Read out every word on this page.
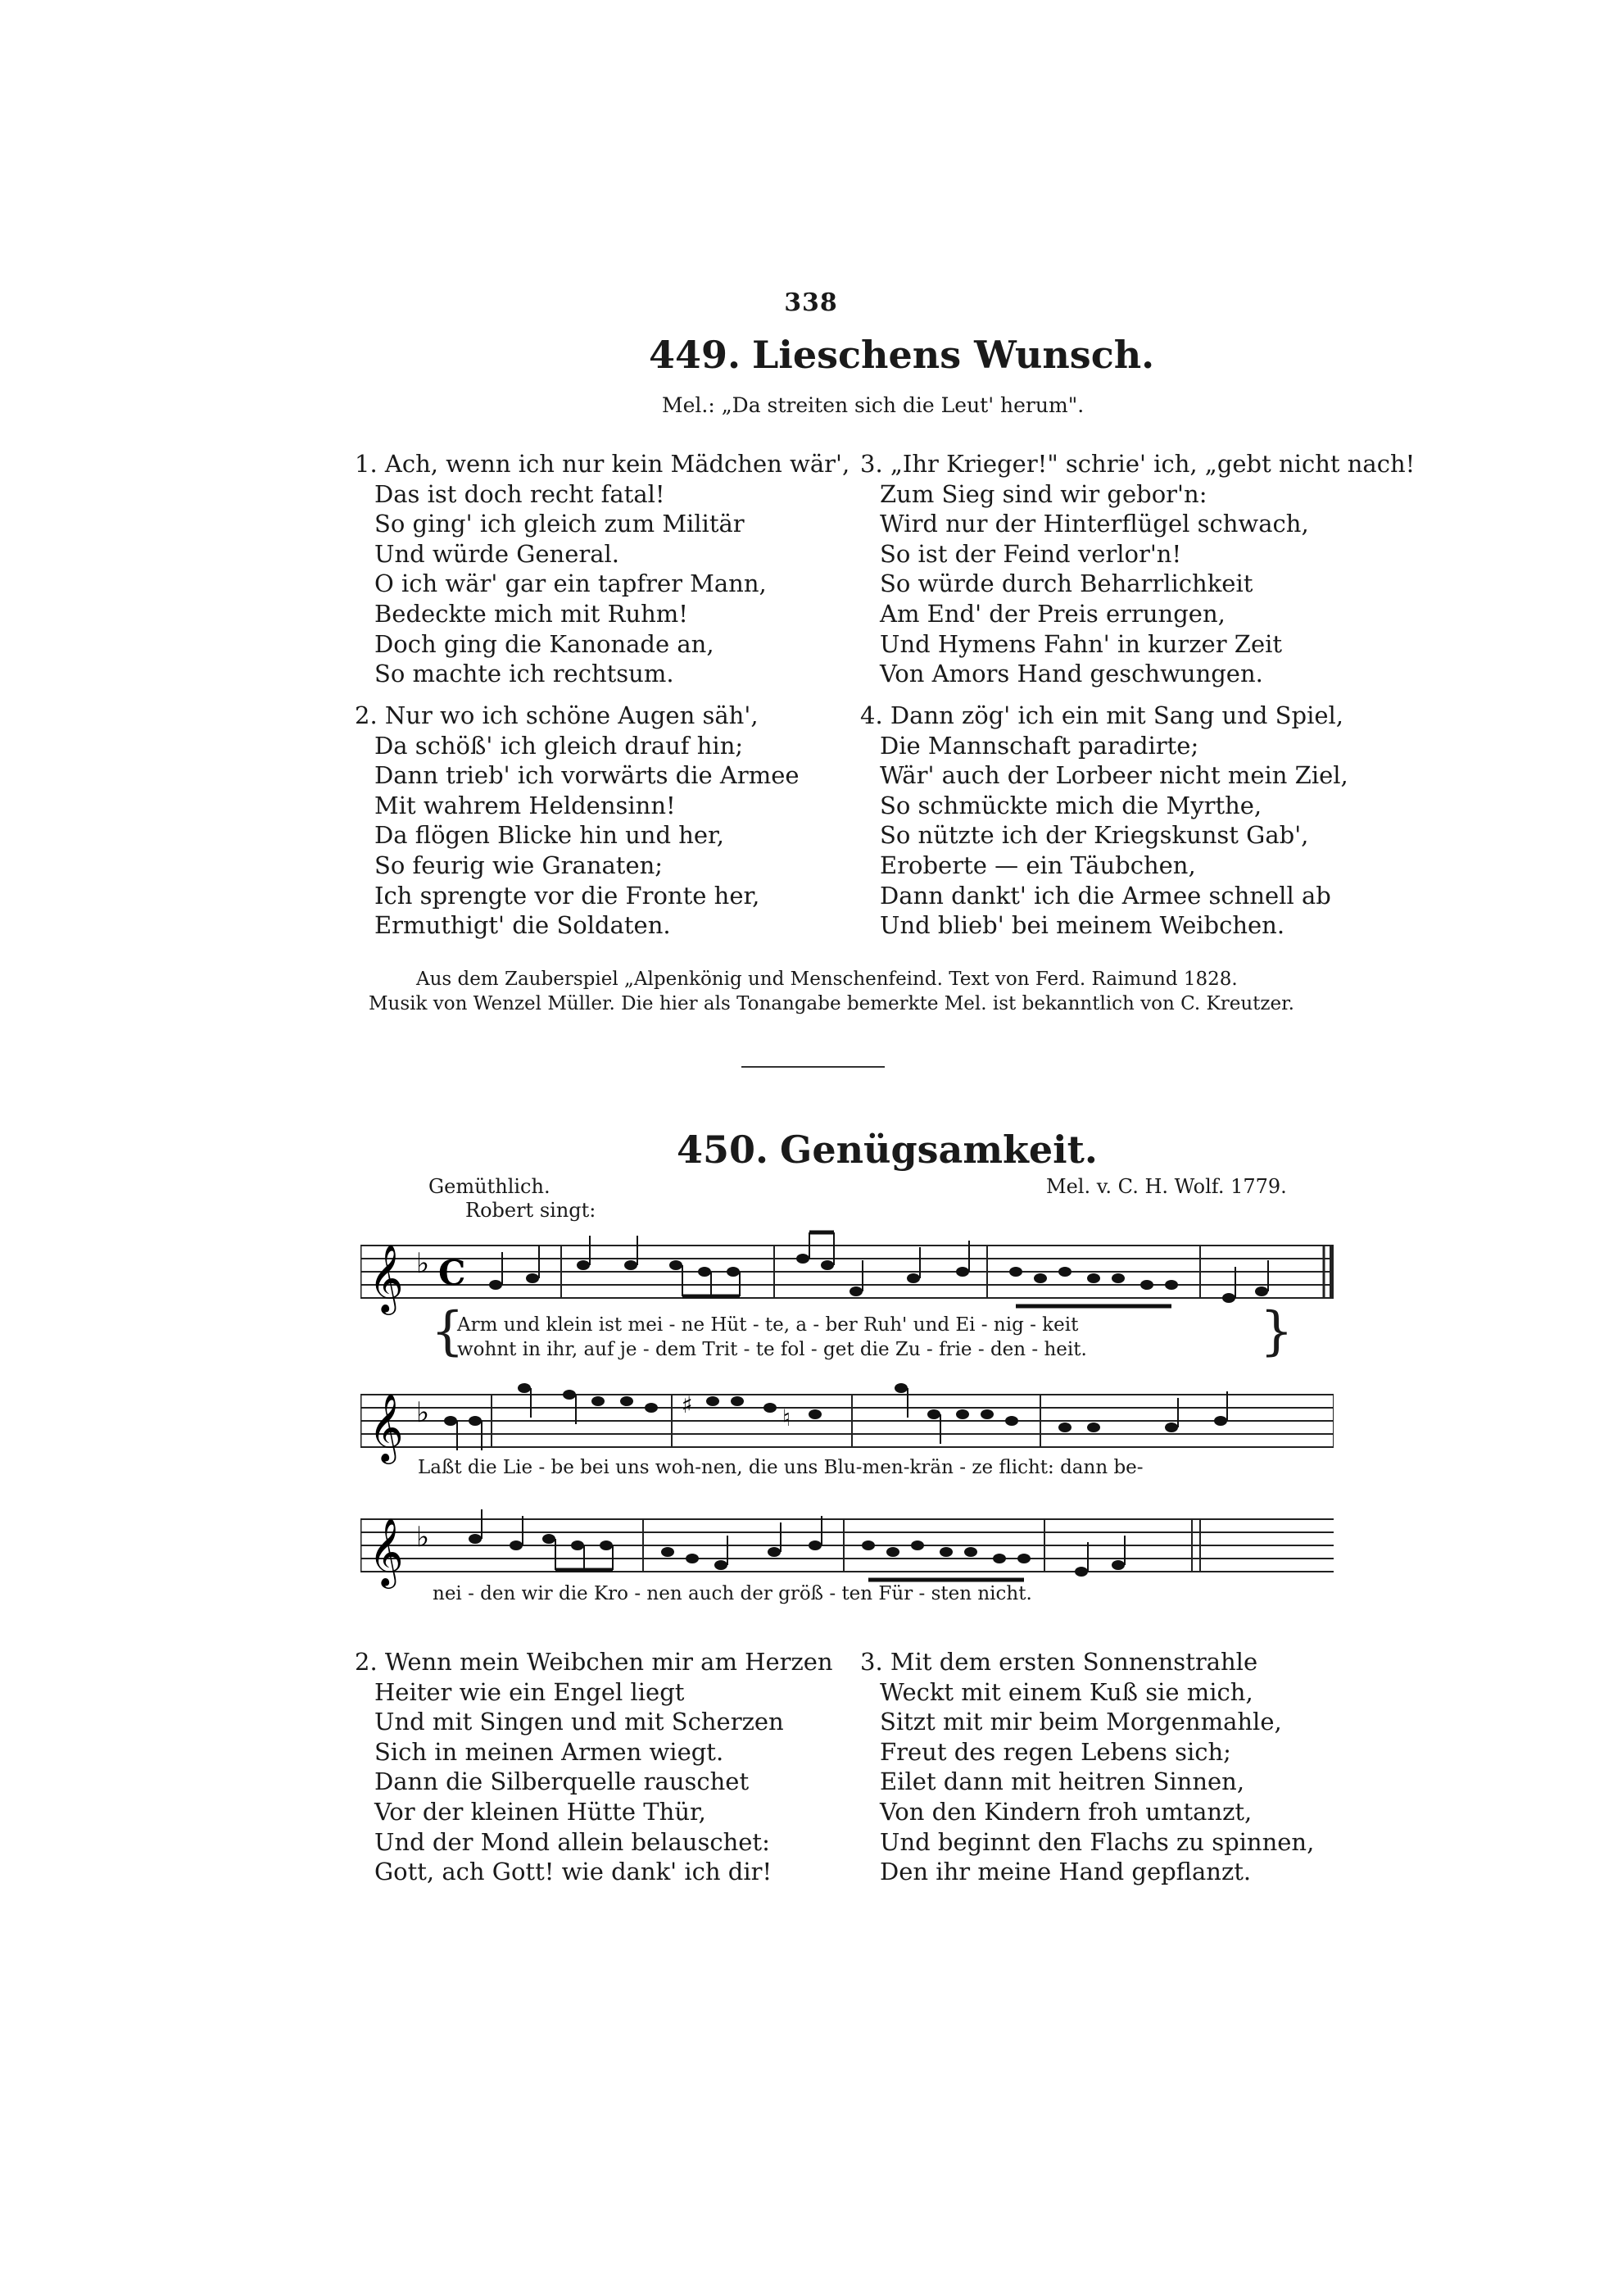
338
449. Lieschens Wunsch.
Mel.: „Da streiten sich die Leut' herum".
1. Ach, wenn ich nur kein Mädchen wär',
Das ist doch recht fatal!
So ging' ich gleich zum Militär
Und würde General.
O ich wär' gar ein tapfrer Mann,
Bedeckte mich mit Ruhm!
Doch ging die Kanonade an,
So machte ich rechtsum.
2. Nur wo ich schöne Augen säh',
Da schöß' ich gleich drauf hin;
Dann trieb' ich vorwärts die Armee
Mit wahrem Heldensinn!
Da flögen Blicke hin und her,
So feurig wie Granaten;
Ich sprengte vor die Fronte her,
Ermuthigt' die Soldaten.
3. „Ihr Krieger!" schrie' ich, „gebt nicht nach!
Zum Sieg sind wir gebor'n:
Wird nur der Hinterflügel schwach,
So ist der Feind verlor'n!
So würde durch Beharrlichkeit
Am End' der Preis errungen,
Und Hymens Fahn' in kurzer Zeit
Von Amors Hand geschwungen.
4. Dann zög' ich ein mit Sang und Spiel,
Die Mannschaft paradirte;
Wär' auch der Lorbeer nicht mein Ziel,
So schmückte mich die Myrthe,
So nützte ich der Kriegskunst Gab',
Eroberte — ein Täubchen,
Dann dankt' ich die Armee schnell ab
Und blieb' bei meinem Weibchen.
Aus dem Zauberspiel „Alpenkönig und Menschenfeind. Text von Ferd. Raimund 1828.
Musik von Wenzel Müller. Die hier als Tonangabe bemerkte Mel. ist bekanntlich von C. Kreutzer.
450. Genügsamkeit.
Gemüthlich.
Robert singt:
Mel. v. C. H. Wolf. 1779.
𝄞 ♭ C
{
Arm und klein ist mei - ne Hüt - te, a - ber Ruh' und Ei - nig - keit
wohnt in ihr, auf je - dem Trit - te fol - get die Zu - frie - den - heit.	}
𝄞 ♭	♯	♮
Laßt die Lie - be bei uns woh-nen, die uns Blu-men-krän - ze flicht: dann be-
𝄞 ♭
nei - den wir die Kro - nen auch der größ - ten Für - sten nicht.
2. Wenn mein Weibchen mir am Herzen
Heiter wie ein Engel liegt
Und mit Singen und mit Scherzen
Sich in meinen Armen wiegt.
Dann die Silberquelle rauschet
Vor der kleinen Hütte Thür,
Und der Mond allein belauschet:
Gott, ach Gott! wie dank' ich dir!
3. Mit dem ersten Sonnenstrahle
Weckt mit einem Kuß sie mich,
Sitzt mit mir beim Morgenmahle,
Freut des regen Lebens sich;
Eilet dann mit heitren Sinnen,
Von den Kindern froh umtanzt,
Und beginnt den Flachs zu spinnen,
Den ihr meine Hand gepflanzt.
